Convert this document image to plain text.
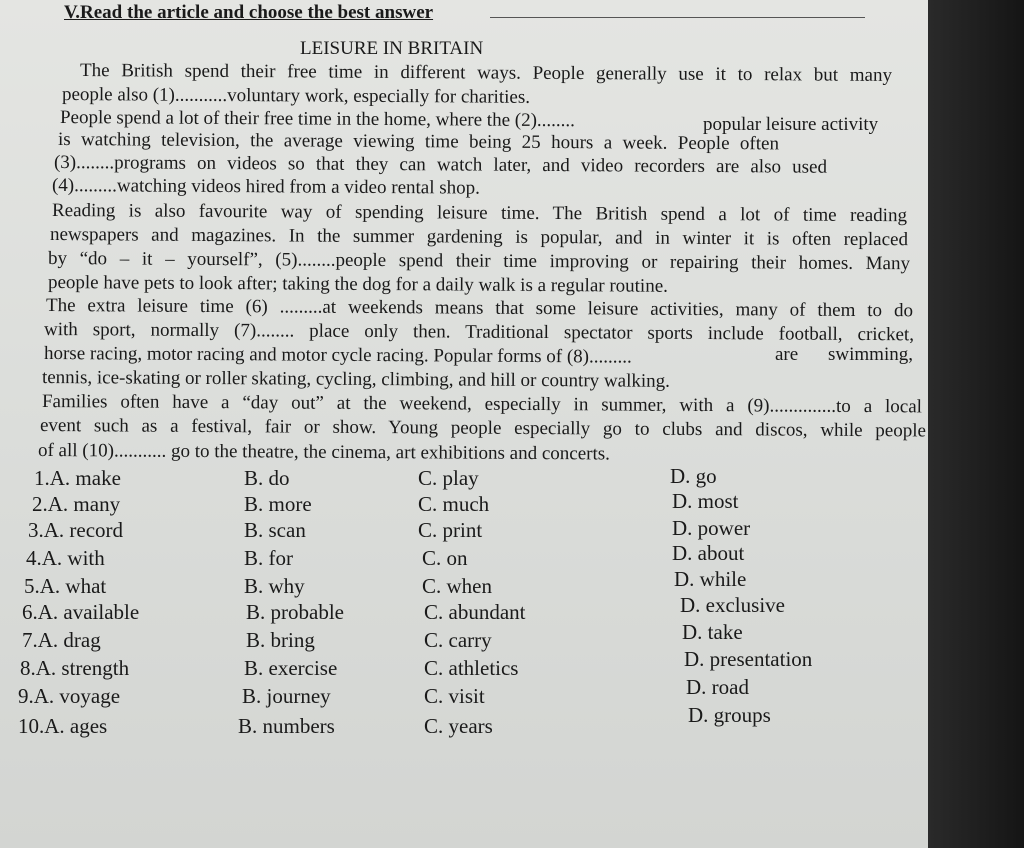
V.Read the article and choose the best answer
LEISURE IN BRITAIN
The British spend their free time in different ways. People generally use it to relax but many
people also (1)...........voluntary work, especially for charities.
People spend a lot of their free time in the home, where the (2)........
is watching television, the average viewing time being 25 hours a week. People often
(3)........programs on videos so that they can watch later, and video recorders are also used
(4).........watching videos hired from a video rental shop.
Reading is also favourite way of spending leisure time. The British spend a lot of time reading
newspapers and magazines. In the summer gardening is popular, and in winter it is often replaced
by “do – it – yourself”, (5)........people spend their time improving or repairing their homes. Many
people have pets to look after; taking the dog for a daily walk is a regular routine.
The extra leisure time (6) .........at weekends means that some leisure activities, many of them to do
with sport, normally (7)........ place only then. Traditional spectator sports include football, cricket,
horse racing, motor racing and motor cycle racing. Popular forms of (8).........
tennis, ice-skating or roller skating, cycling, climbing, and hill or country walking.
Families often have a “day out” at the weekend, especially in summer, with a (9)..............to a local
event such as a festival, fair or show. Young people especially go to clubs and discos, while people
of all (10)........... go to the theatre, the cinema, art exhibitions and concerts.
popular leisure activity
are swimming,
1.A. make	B. do	C. play	D. go
2.A. many	B. more	C. much	D. most
3.A. record	B. scan	C. print	D. power
4.A. with	B. for	C. on	D. about
5.A. what	B. why	C. when	D. while
6.A. available	B. probable	C. abundant	D. exclusive
7.A. drag	B. bring	C. carry	D. take
8.A. strength	B. exercise	C. athletics	D. presentation
9.A. voyage	B. journey	C. visit	D. road
10.A. ages	B. numbers	C. years	D. groups
